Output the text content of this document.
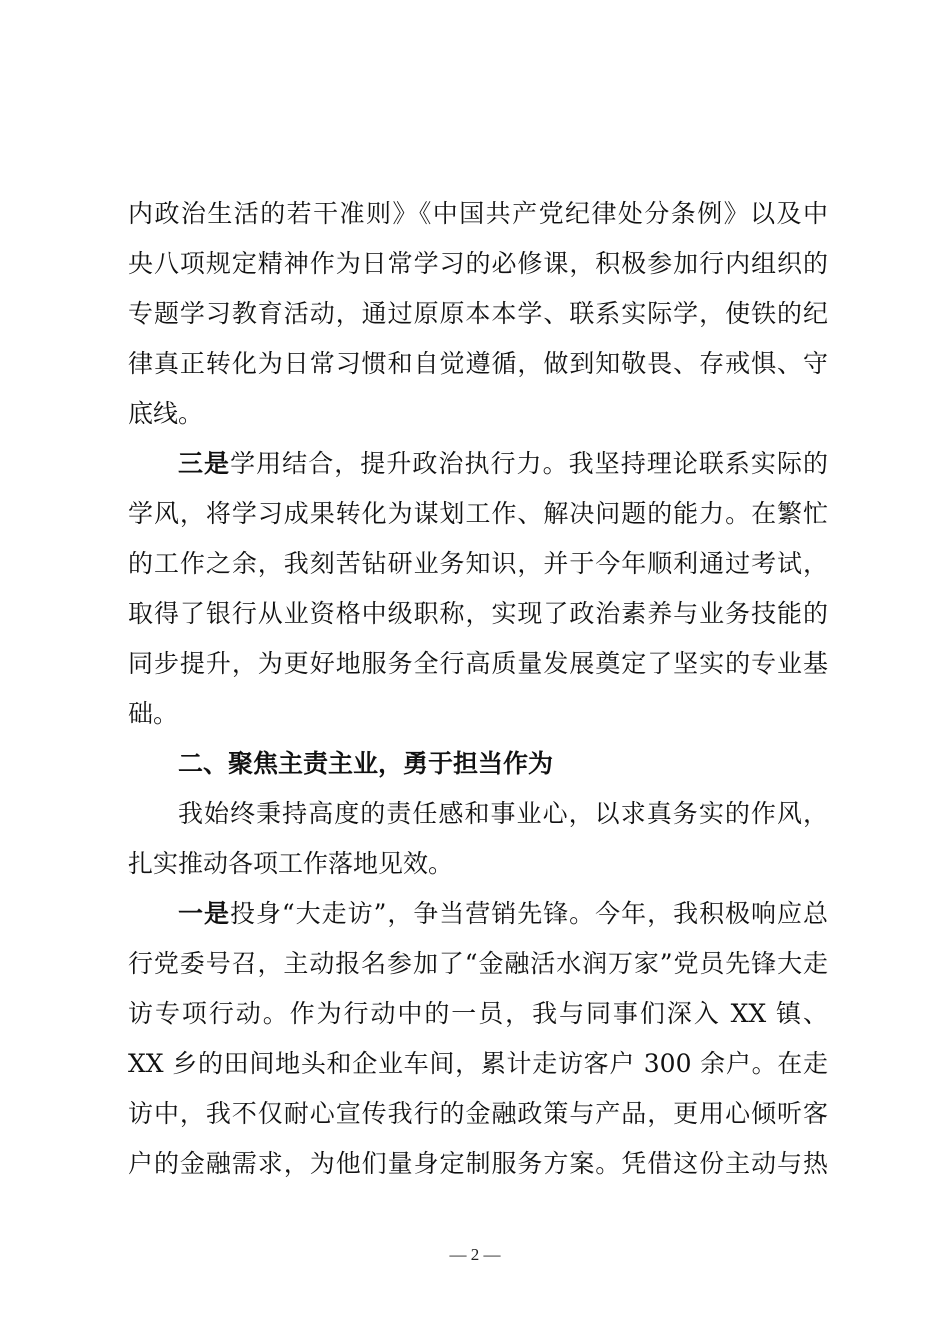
内政治生活的若干准则》《中国共产党纪律处分条例》以及中
央八项规定精神作为日常学习的必修课，积极参加行内组织的
专题学习教育活动，通过原原本本学、联系实际学，使铁的纪
律真正转化为日常习惯和自觉遵循，做到知敬畏、存戒惧、守
底线。
三是学用结合，提升政治执行力。我坚持理论联系实际的
学风，将学习成果转化为谋划工作、解决问题的能力。在繁忙
的工作之余，我刻苦钻研业务知识，并于今年顺利通过考试，
取得了银行从业资格中级职称，实现了政治素养与业务技能的
同步提升，为更好地服务全行高质量发展奠定了坚实的专业基
础。
二、聚焦主责主业，勇于担当作为
我始终秉持高度的责任感和事业心，以求真务实的作风，
扎实推动各项工作落地见效。
一是投身“大走访”，争当营销先锋。今年，我积极响应总
行党委号召，主动报名参加了“金融活水润万家”党员先锋大走
访专项行动。作为行动中的一员，我与同事们深入 XX 镇、
XX 乡的田间地头和企业车间，累计走访客户 300 余户。在走
访中，我不仅耐心宣传我行的金融政策与产品，更用心倾听客
户的金融需求，为他们量身定制服务方案。凭借这份主动与热
— 2 —
